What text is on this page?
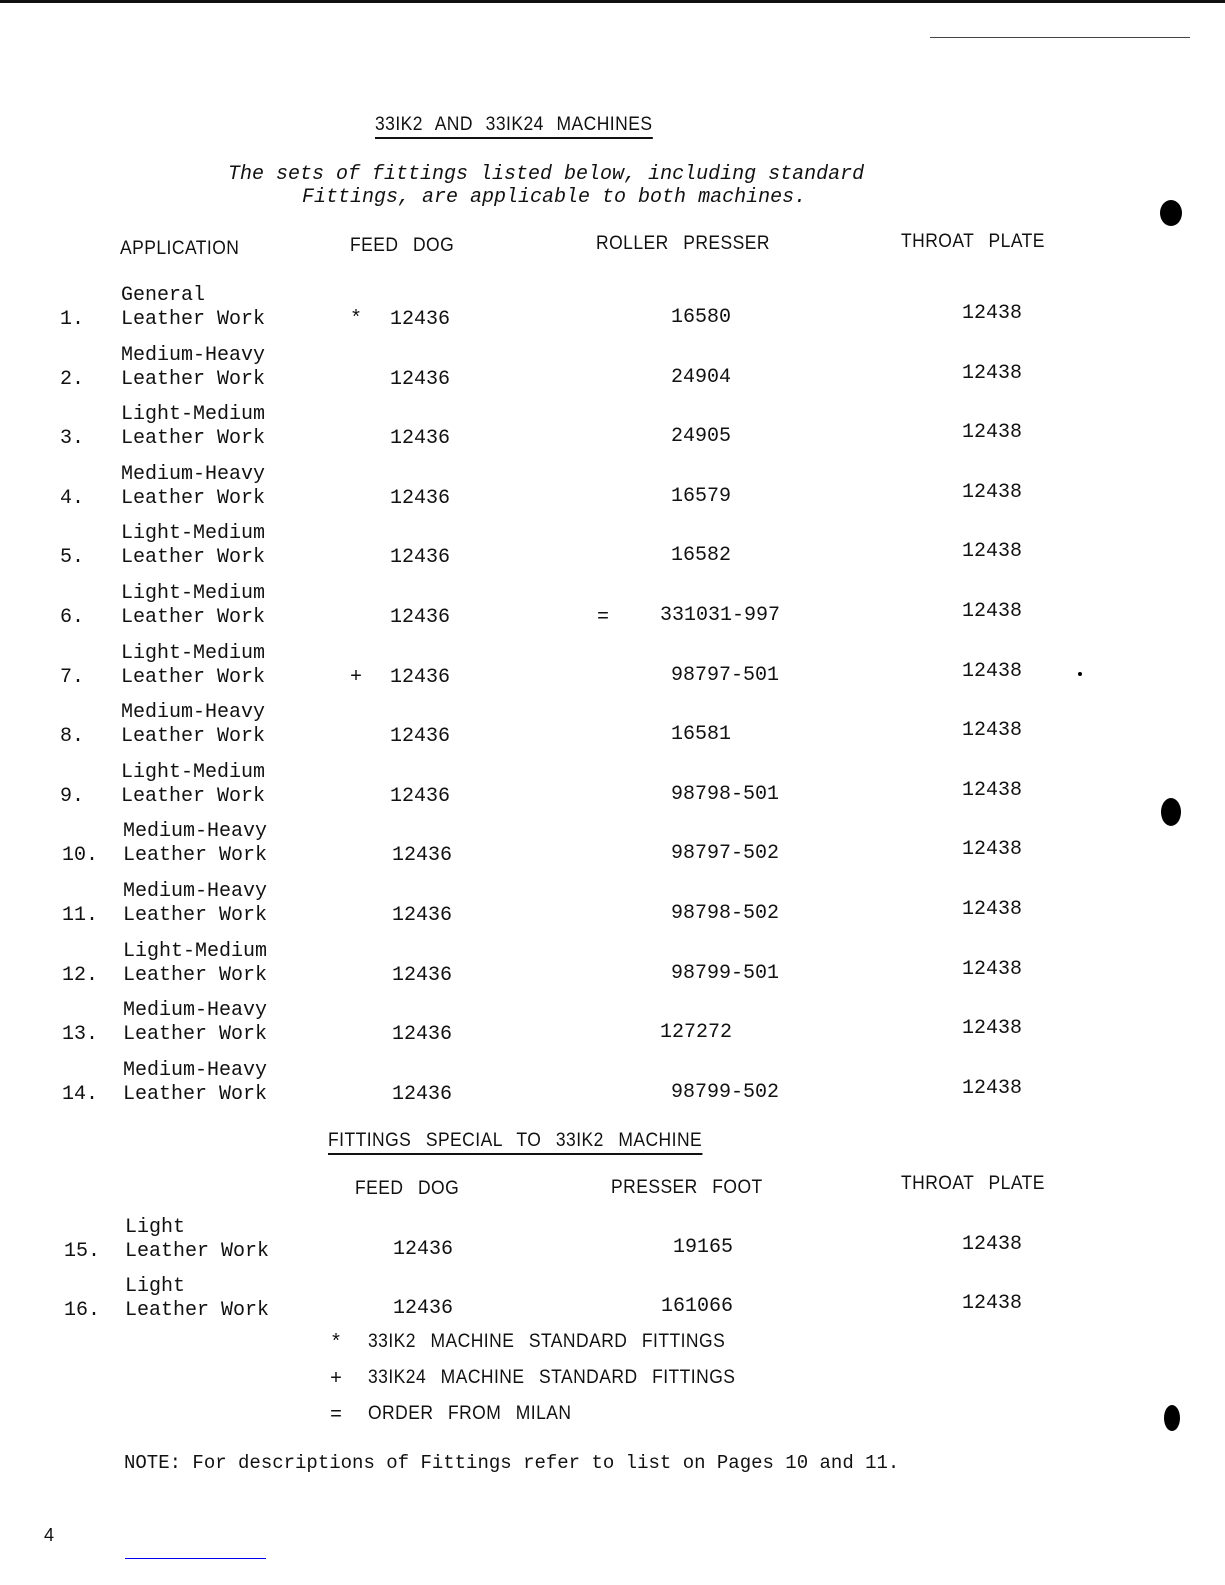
33IK2 AND 33IK24 MACHINES
The sets of fittings listed below, including standard
Fittings, are applicable to both machines.
APPLICATION	FEED DOG	ROLLER PRESSER	THROAT PLATE
1.
General
Leather Work	* 12436	16580	12438
2.
Medium-Heavy
Leather Work	12436	24904	12438
3.
Light-Medium
Leather Work	12436	24905	12438
4.
Medium-Heavy
Leather Work	12436	16579	12438
5.
Light-Medium
Leather Work	12436	16582	12438
6.
Light-Medium
Leather Work	12436	=	331031-997	12438
7.
Light-Medium
Leather Work	+ 12436	98797-501	12438
8.
Medium-Heavy
Leather Work	12436	16581	12438
9.
Light-Medium
Leather Work	12436	98798-501	12438
10.
Medium-Heavy
Leather Work	12436	98797-502	12438
11.
Medium-Heavy
Leather Work	12436	98798-502	12438
12.
Light-Medium
Leather Work	12436	98799-501	12438
13.
Medium-Heavy
Leather Work	12436	127272	12438
14.
Medium-Heavy
Leather Work	12436	98799-502	12438
FITTINGS SPECIAL TO 33IK2 MACHINE
FEED DOG	PRESSER FOOT	THROAT PLATE
15.
Light
Leather Work	12436	19165	12438
16.
Light
Leather Work	12436	161066	12438
* 33IK2 MACHINE STANDARD FITTINGS
+ 33IK24 MACHINE STANDARD FITTINGS
= ORDER FROM MILAN
NOTE: For descriptions of Fittings refer to list on Pages 10 and 11.
4
